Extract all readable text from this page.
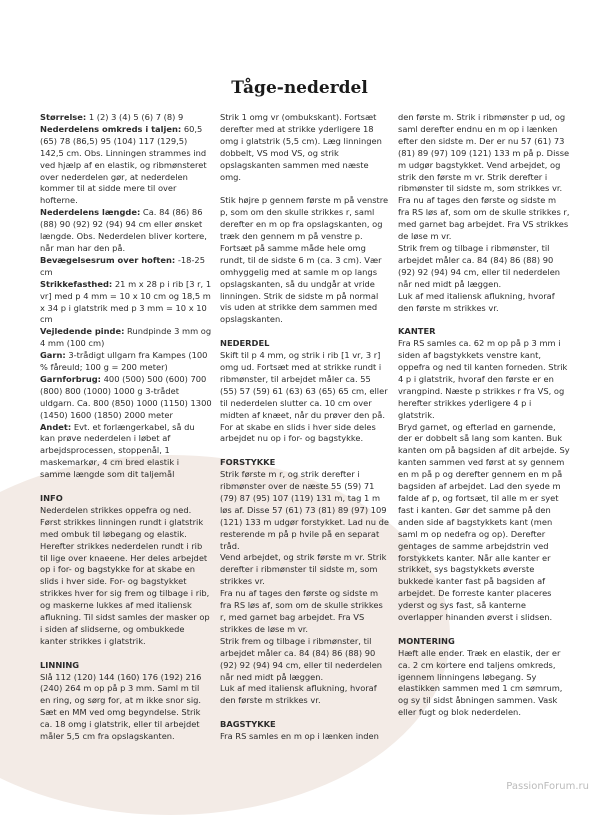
Tåge-nederdel
Størrelse: 1 (2) 3 (4) 5 (6) 7 (8) 9
Nederdelens omkreds i taljen: 60,5 (65) 78 (86,5) 95 (104) 117 (129,5) 142,5 cm. Obs. Linningen strammes ind ved hjælp af en elastik, og ribmønsteret over nederdelen gør, at nederdelen kommer til at sidde mere til over hofterne.
Nederdelens længde: Ca. 84 (86) 86 (88) 90 (92) 92 (94) 94 cm eller ønsket længde. Obs. Nederdelen bliver kortere, når man har den på.
Bevægelsesrum over hoften: -18-25 cm
Strikkefasthed: 21 m x 28 p i rib [3 r, 1 vr] med p 4 mm = 10 x 10 cm og 18,5 m x 34 p i glatstrik med p 3 mm = 10 x 10 cm
Vejledende pinde: Rundpinde 3 mm og 4 mm (100 cm)
Garn: 3-trådigt ullgarn fra Kampes (100 % fåreuld; 100 g = 200 meter)
Garnforbrug: 400 (500) 500 (600) 700 (800) 800 (1000) 1000 g 3-trådet uldgarn. Ca. 800 (850) 1000 (1150) 1300 (1450) 1600 (1850) 2000 meter
Andet: Evt. et forlængerkabel, så du kan prøve nederdelen i løbet af arbejdsprocessen, stoppenål, 1 maskemarkør, 4 cm bred elastik i samme længde som dit taljemål
INFO

Nederdelen strikkes oppefra og ned. Først strikkes linningen rundt i glatstrik med ombuk til løbegang og elastik. Herefter strikkes nederdelen rundt i rib til lige over knaeene. Her deles arbejdet op i for- og bagstykke for at skabe en slids i hver side. For- og bagstykket strikkes hver for sig frem og tilbage i rib, og maskerne lukkes af med italiensk aflukning. Til sidst samles der masker op i siden af slidserne, og ombukkede kanter strikkes i glatstrik.

LINNING

Slå 112 (120) 144 (160) 176 (192) 216 (240) 264 m op på p 3 mm. Saml m til en ring, og sørg for, at m ikke snor sig. Sæt en MM ved omg begyndelse. Strik ca. 18 omg i glatstrik, eller til arbejdet måler 5,5 cm fra opslagskanten.

Strik 1 omg vr (ombukskant). Fortsæt derefter med at strikke yderligere 18 omg i glatstrik (5,5 cm). Læg linningen dobbelt, VS mod VS, og strik opslagskanten sammen med næste omg.

Stik højre p gennem første m på venstre p, som om den skulle strikkes r, saml derefter en m op fra opslagskanten, og træk den gennem m på venstre p. Fortsæt på samme måde hele omg rundt, til de sidste 6 m (ca. 3 cm). Vær omhyggelig med at samle m op langs opslagskanten, så du undgår at vride linningen. Strik de sidste m på normal vis uden at strikke dem sammen med opslagskanten.

NEDERDEL

Skift til p 4 mm, og strik i rib [1 vr, 3 r] omg ud. Fortsæt med at strikke rundt i ribmønster, til arbejdet måler ca. 55 (55) 57 (59) 61 (63) 63 (65) 65 cm, eller til nederdelen slutter ca. 10 cm over midten af knæet, når du prøver den på. For at skabe en slids i hver side deles arbejdet nu op i for- og bagstykke.

FORSTYKKE

Strik første m r, og strik derefter i ribmønster over de næste 55 (59) 71 (79) 87 (95) 107 (119) 131 m, tag 1 m løs af. Disse 57 (61) 73 (81) 89 (97) 109 (121) 133 m udgør forstykket. Lad nu de resterende m på p hvile på en separat tråd.
Vend arbejdet, og strik første m vr. Strik derefter i ribmønster til sidste m, som strikkes vr.
Fra nu af tages den første og sidste m fra RS løs af, som om de skulle strikkes r, med garnet bag arbejdet. Fra VS strikkes de løse m vr.
Strik frem og tilbage i ribmønster, til arbejdet måler ca. 84 (84) 86 (88) 90 (92) 92 (94) 94 cm, eller til nederdelen når ned midt på læggen.
Luk af med italiensk aflukning, hvoraf den første m strikkes vr.

BAGSTYKKE

Fra RS samles en m op i lænken inden

den første m. Strik i ribmønster p ud, og saml derefter endnu en m op i lænken efter den sidste m. Der er nu 57 (61) 73 (81) 89 (97) 109 (121) 133 m på p. Disse m udgør bagstykket. Vend arbejdet, og strik den første m vr. Strik derefter i ribmønster til sidste m, som strikkes vr.
Fra nu af tages den første og sidste m fra RS løs af, som om de skulle strikkes r, med garnet bag arbejdet. Fra VS strikkes de løse m vr.
Strik frem og tilbage i ribmønster, til arbejdet måler ca. 84 (84) 86 (88) 90 (92) 92 (94) 94 cm, eller til nederdelen når ned midt på læggen.
Luk af med italiensk aflukning, hvoraf den første m strikkes vr.

KANTER

Fra RS samles ca. 62 m op på p 3 mm i siden af bagstykkets venstre kant, oppefra og ned til kanten forneden. Strik 4 p i glatstrik, hvoraf den første er en vrangpind. Næste p strikkes r fra VS, og herefter strikkes yderligere 4 p i glatstrik.
Bryd garnet, og efterlad en garnende, der er dobbelt så lang som kanten. Buk kanten om på bagsiden af dit arbejde. Sy kanten sammen ved først at sy gennem en m på p og derefter gennem en m på bagsiden af arbejdet. Lad den syede m falde af p, og fortsæt, til alle m er syet fast i kanten. Gør det samme på den anden side af bagstykkets kant (men saml m op nedefra og op). Derefter gentages de samme arbejdstrin ved forstykkets kanter. Når alle kanter er strikket, sys bagstykkets øverste bukkede kanter fast på bagsiden af arbejdet. De forreste kanter placeres yderst og sys fast, så kanterne overlapper hinanden øverst i slidsen.

MONTERING

Hæft alle ender. Træk en elastik, der er ca. 2 cm kortere end taljens omkreds, igennem linningens løbegang. Sy elastikken sammen med 1 cm sømrum, og sy til sidst åbningen sammen. Vask eller fugt og blok nederdelen.

PassionForum.ru
